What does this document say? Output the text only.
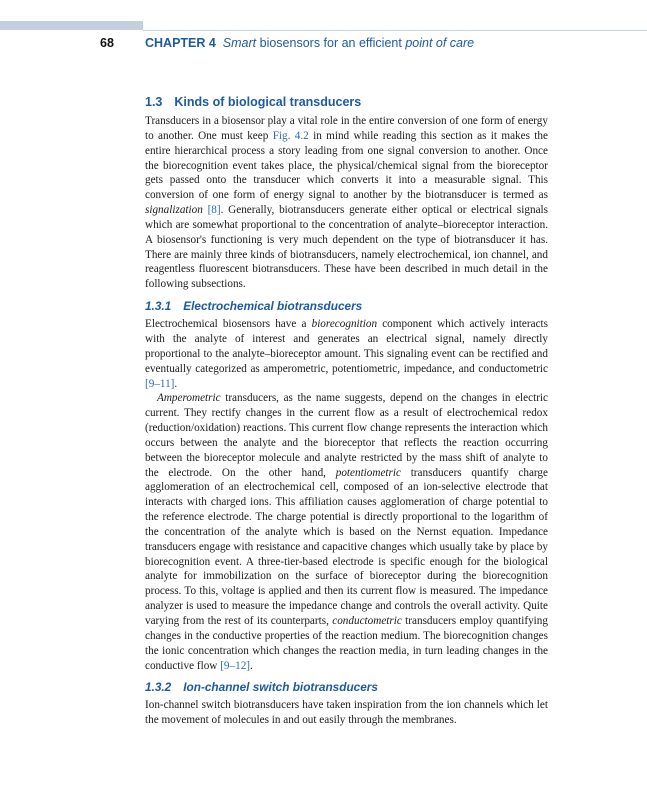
68 CHAPTER 4 Smart biosensors for an efficient point of care
1.3 Kinds of biological transducers

Transducers in a biosensor play a vital role in the entire conversion of one form of energy to another. One must keep Fig. 4.2 in mind while reading this section as it makes the entire hierarchical process a story leading from one signal conversion to another. Once the biorecognition event takes place, the physical/chemical signal from the bioreceptor gets passed onto the transducer which converts it into a measurable signal. This conversion of one form of energy signal to another by the biotransducer is termed as signalization [8]. Generally, biotransducers generate either optical or electrical signals which are somewhat proportional to the concentration of analyte–bioreceptor interaction. A biosensor's functioning is very much dependent on the type of biotransducer it has. There are mainly three kinds of biotransducers, namely electrochemical, ion channel, and reagentless fluorescent biotransducers. These have been described in much detail in the following subsections.

1.3.1 Electrochemical biotransducers

Electrochemical biosensors have a biorecognition component which actively interacts with the analyte of interest and generates an electrical signal, namely directly proportional to the analyte–bioreceptor amount. This signaling event can be rectified and eventually categorized as amperometric, potentiometric, impedance, and conductometric [9–11].

Amperometric transducers, as the name suggests, depend on the changes in electric current. They rectify changes in the current flow as a result of electrochemical redox (reduction/oxidation) reactions. This current flow change represents the interaction which occurs between the analyte and the bioreceptor that reflects the reaction occurring between the bioreceptor molecule and analyte restricted by the mass shift of analyte to the electrode. On the other hand, potentiometric transducers quantify charge agglomeration of an electrochemical cell, composed of an ion-selective electrode that interacts with charged ions. This affiliation causes agglomeration of charge potential to the reference electrode. The charge potential is directly proportional to the logarithm of the concentration of the analyte which is based on the Nernst equation. Impedance transducers engage with resistance and capacitive changes which usually take by place by biorecognition event. A three-tier-based electrode is specific enough for the biological analyte for immobilization on the surface of bioreceptor during the biorecognition process. To this, voltage is applied and then its current flow is measured. The impedance analyzer is used to measure the impedance change and controls the overall activity. Quite varying from the rest of its counterparts, conductometric transducers employ quantifying changes in the conductive properties of the reaction medium. The biorecognition changes the ionic concentration which changes the reaction media, in turn leading changes in the conductive flow [9–12].

1.3.2 Ion-channel switch biotransducers

Ion-channel switch biotransducers have taken inspiration from the ion channels which let the movement of molecules in and out easily through the membranes.
